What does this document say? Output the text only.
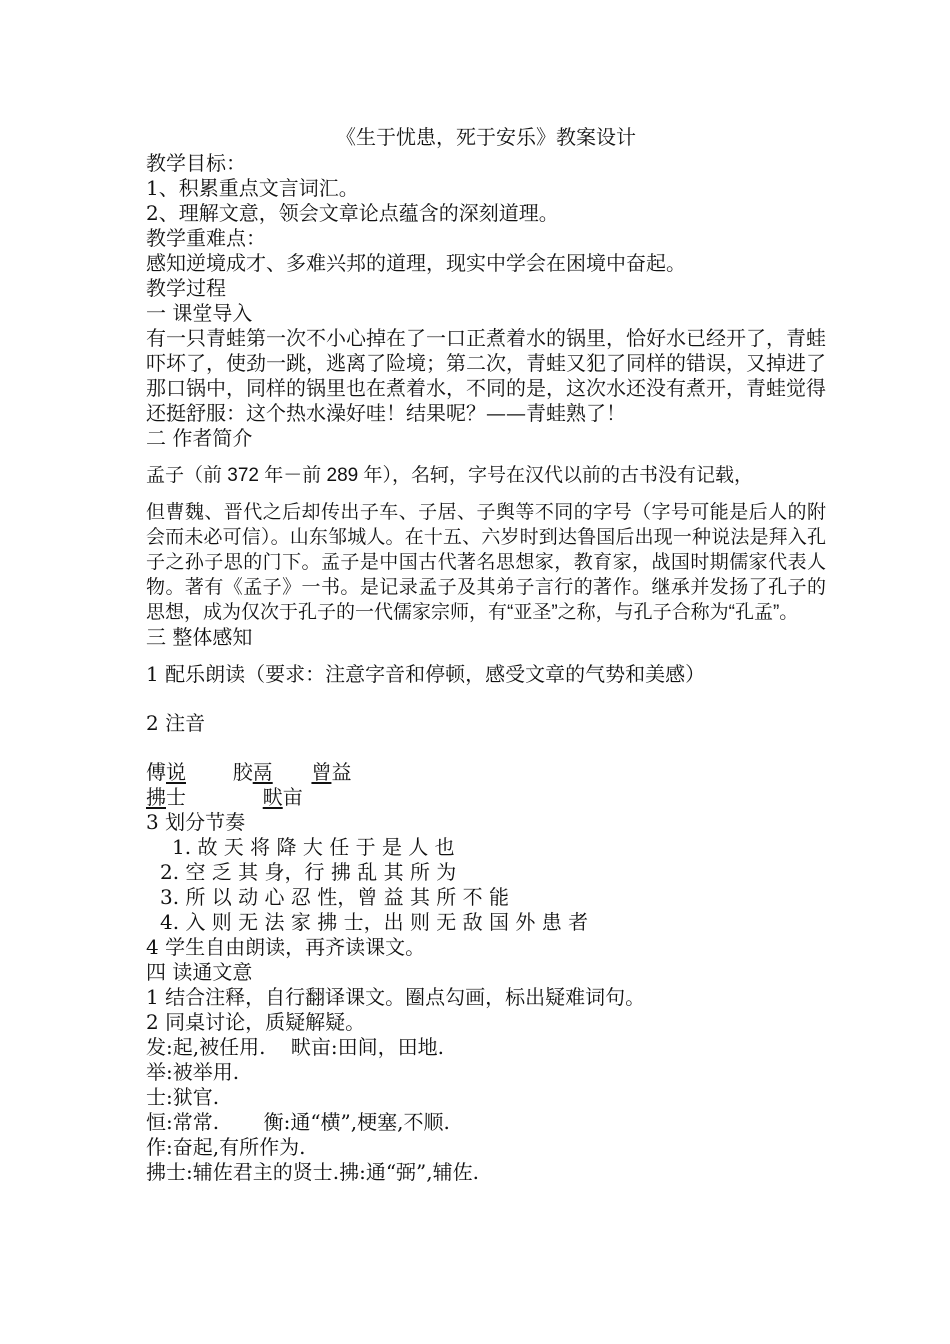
《生于忧患，死于安乐》教案设计
教学目标：
1、积累重点文言词汇。
2、理解文意，领会文章论点蕴含的深刻道理。
教学重难点：
感知逆境成才、多难兴邦的道理，现实中学会在困境中奋起。
教学过程
一 课堂导入
有一只青蛙第一次不小心掉在了一口正煮着水的锅里，恰好水已经开了，青蛙吓坏了，使劲一跳，逃离了险境；第二次，青蛙又犯了同样的错误，又掉进了那口锅中，同样的锅里也在煮着水，不同的是，这次水还没有煮开，青蛙觉得还挺舒服：这个热水澡好哇！结果呢？——青蛙熟了！
二 作者简介
孟子（前 372 年－前 289 年），名轲，字号在汉代以前的古书没有记载，
但曹魏、晋代之后却传出子车、子居、子舆等不同的字号（字号可能是后人的附会而未必可信）。山东邹城人。在十五、六岁时到达鲁国后出现一种说法是拜入孔子之孙子思的门下。孟子是中国古代著名思想家，教育家，战国时期儒家代表人物。著有《孟子》一书。是记录孟子及其弟子言行的著作。继承并发扬了孔子的思想，成为仅次于孔子的一代儒家宗师，有“亚圣”之称，与孔子合称为“孔孟”。
三 整体感知
1 配乐朗读（要求：注意字音和停顿，感受文章的气势和美感）
2 注音
傅说 胶鬲 曾益
拂士	畎亩
3 划分节奏
1. 故 天 将 降 大 任 于 是 人 也
2. 空 乏 其 身，行 拂 乱 其 所 为
3. 所 以 动 心 忍 性，曾 益 其 所 不 能
4. 入 则 无 法 家 拂 士，出 则 无 敌 国 外 患 者
4 学生自由朗读，再齐读课文。
四 读通文意
1 结合注释，自行翻译课文。圈点勾画，标出疑难词句。
2 同桌讨论，质疑解疑。
发:起,被任用.    畎亩:田间，田地.
举:被举用.
士:狱官.
恒:常常.       衡:通“横”,梗塞,不顺.
作:奋起,有所作为.
拂士:辅佐君主的贤士.拂:通“弼”,辅佐.
